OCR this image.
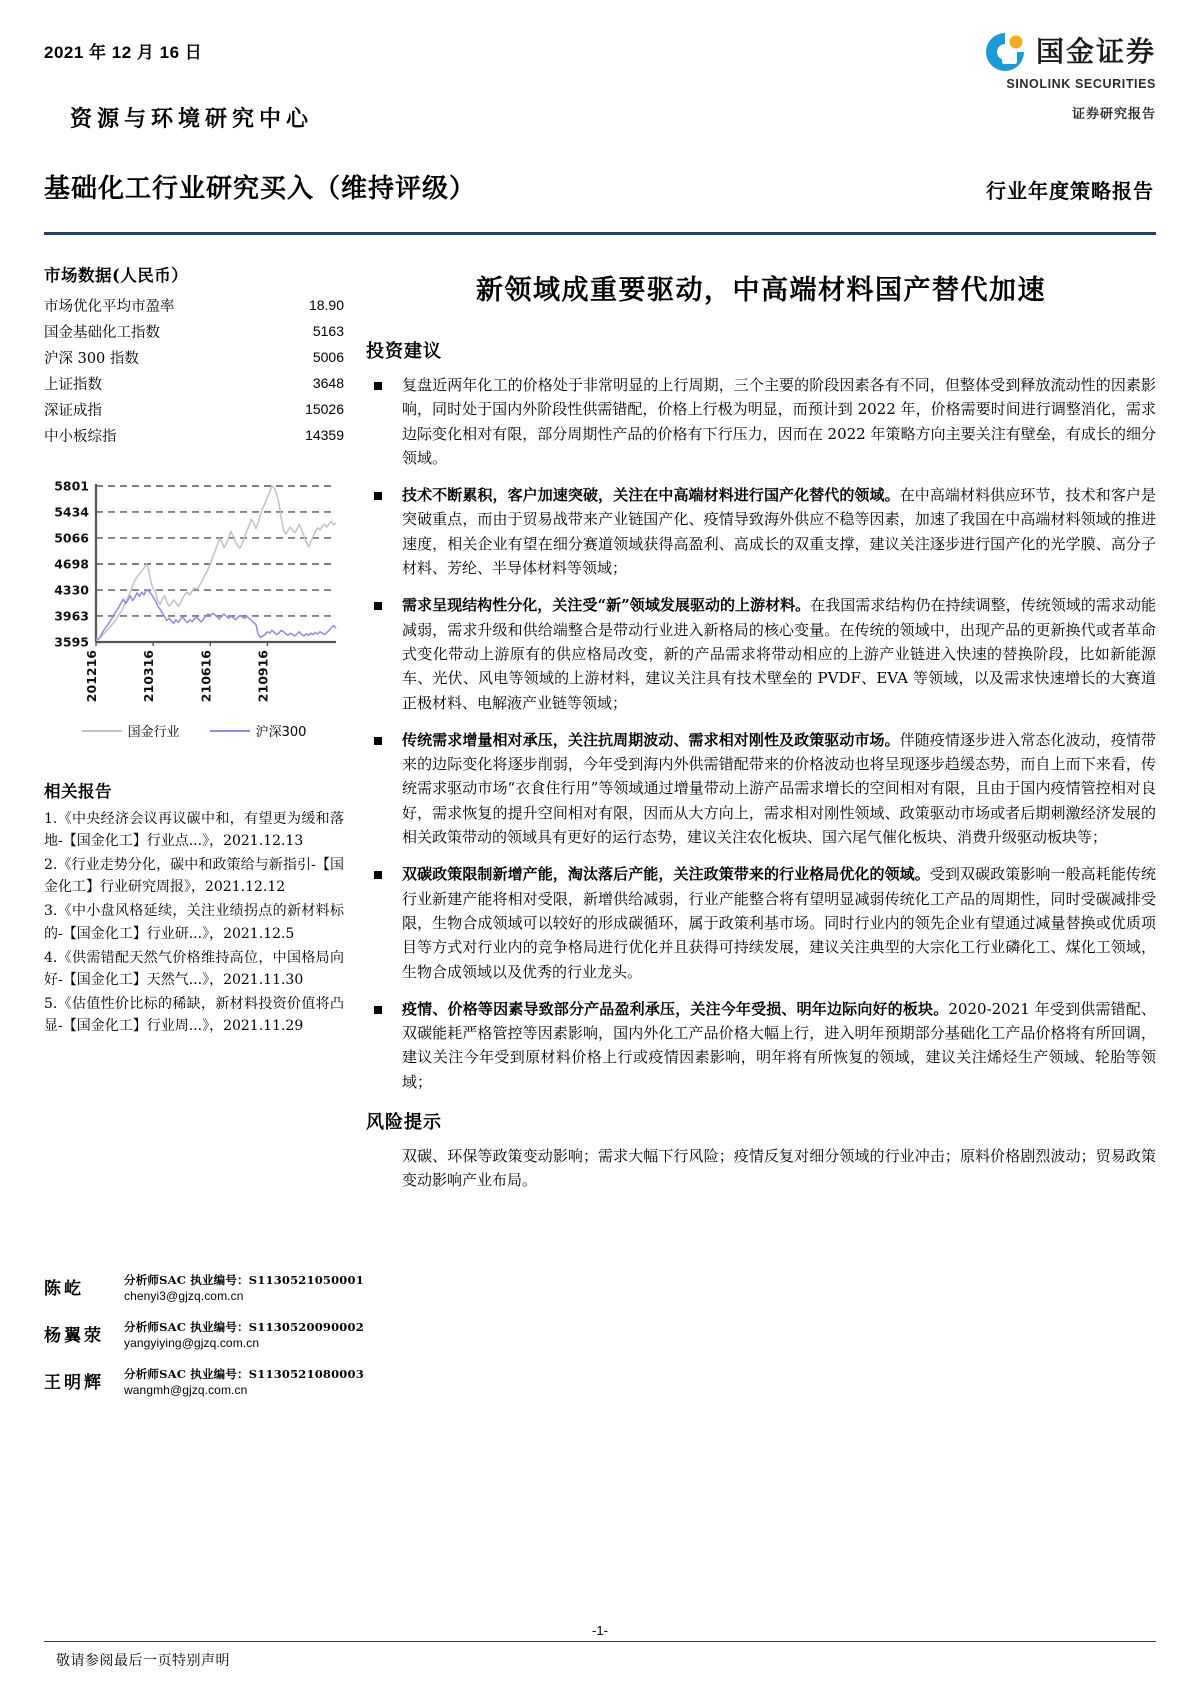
2021 年 12 月 16 日
资源与环境研究中心
基础化工行业研究买入（维持评级）	行业年度策略报告
国金证券
SINOLINK SECURITIES
证券研究报告
市场数据(人民币）
市场优化平均市盈率	18.90
国金基础化工指数	5163
沪深 300 指数	5006
上证指数	3648
深证成指	15026
中小板综指	14359
3595
3963
4330
4698
5066
5434
5801
201216	210316	210616	210916
国金行业	沪深300
相关报告
1.《中央经济会议再议碳中和，有望更为缓和落地-【国金化工】行业点...》，2021.12.13
2.《行业走势分化，碳中和政策给与新指引-【国金化工】行业研究周报》，2021.12.12
3.《中小盘风格延续，关注业绩拐点的新材料标的-【国金化工】行业研...》，2021.12.5
4.《供需错配天然气价格维持高位，中国格局向好-【国金化工】天然气...》，2021.11.30
5.《估值性价比标的稀缺，新材料投资价值将凸显-【国金化工】行业周...》，2021.11.29
陈屹	分析师SAC 执业编号：S1130521050001
chenyi3@gjzq.com.cn
杨翼荥	分析师SAC 执业编号：S1130520090002
yangyiying@gjzq.com.cn
王明辉	分析师SAC 执业编号：S1130521080003
wangmh@gjzq.com.cn
新领域成重要驱动，中高端材料国产替代加速
投资建议
复盘近两年化工的价格处于非常明显的上行周期，三个主要的阶段因素各有不同，但整体受到释放流动性的因素影响，同时处于国内外阶段性供需错配，价格上行极为明显，而预计到 2022 年，价格需要时间进行调整消化，需求边际变化相对有限，部分周期性产品的价格有下行压力，因而在 2022 年策略方向主要关注有壁垒，有成长的细分领域。
技术不断累积，客户加速突破，关注在中高端材料进行国产化替代的领域。在中高端材料供应环节，技术和客户是突破重点，而由于贸易战带来产业链国产化、疫情导致海外供应不稳等因素，加速了我国在中高端材料领域的推进速度，相关企业有望在细分赛道领域获得高盈利、高成长的双重支撑，建议关注逐步进行国产化的光学膜、高分子材料、芳纶、半导体材料等领域；
需求呈现结构性分化，关注受“新”领域发展驱动的上游材料。在我国需求结构仍在持续调整，传统领域的需求动能减弱，需求升级和供给端整合是带动行业进入新格局的核心变量。在传统的领域中，出现产品的更新换代或者革命式变化带动上游原有的供应格局改变，新的产品需求将带动相应的上游产业链进入快速的替换阶段，比如新能源车、光伏、风电等领域的上游材料，建议关注具有技术壁垒的 PVDF、EVA 等领域，以及需求快速增长的大赛道正极材料、电解液产业链等领域；
传统需求增量相对承压，关注抗周期波动、需求相对刚性及政策驱动市场。伴随疫情逐步进入常态化波动，疫情带来的边际变化将逐步削弱，今年受到海内外供需错配带来的价格波动也将呈现逐步趋缓态势，而自上而下来看，传统需求驱动市场“衣食住行用”等领域通过增量带动上游产品需求增长的空间相对有限，且由于国内疫情管控相对良好，需求恢复的提升空间相对有限，因而从大方向上，需求相对刚性领域、政策驱动市场或者后期刺激经济发展的相关政策带动的领域具有更好的运行态势，建议关注农化板块、国六尾气催化板块、消费升级驱动板块等；
双碳政策限制新增产能，淘汰落后产能，关注政策带来的行业格局优化的领域。受到双碳政策影响一般高耗能传统行业新建产能将相对受限，新增供给减弱，行业产能整合将有望明显减弱传统化工产品的周期性，同时受碳减排受限，生物合成领域可以较好的形成碳循环，属于政策利基市场。同时行业内的领先企业有望通过减量替换或优质项目等方式对行业内的竞争格局进行优化并且获得可持续发展，建议关注典型的大宗化工行业磷化工、煤化工领域，生物合成领域以及优秀的行业龙头。
疫情、价格等因素导致部分产品盈利承压，关注今年受损、明年边际向好的板块。2020-2021 年受到供需错配、双碳能耗严格管控等因素影响，国内外化工产品价格大幅上行，进入明年预期部分基础化工产品价格将有所回调，建议关注今年受到原材料价格上行或疫情因素影响，明年将有所恢复的领域，建议关注烯烃生产领域、轮胎等领域；
风险提示
双碳、环保等政策变动影响；需求大幅下行风险；疫情反复对细分领域的行业冲击；原料价格剧烈波动；贸易政策变动影响产业布局。
-1-
敬请参阅最后一页特别声明
